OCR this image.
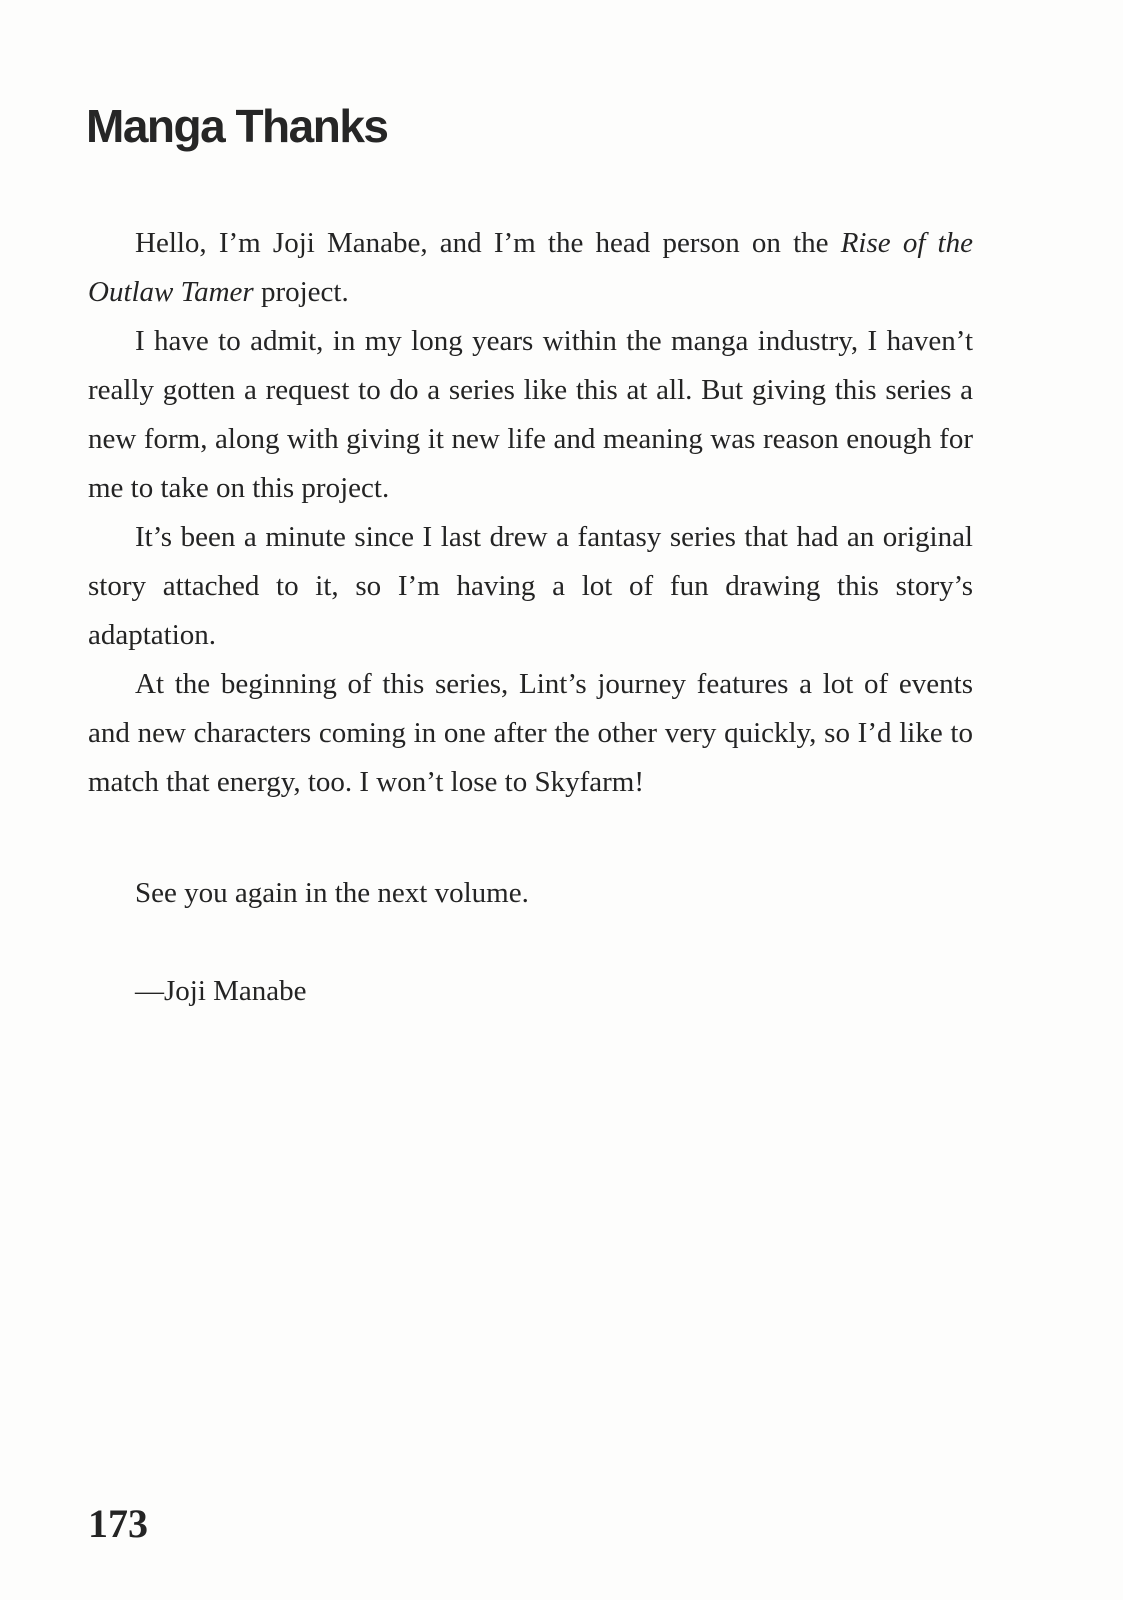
Manga Thanks

Hello, I’m Joji Manabe, and I’m the head person on the Rise of the Outlaw Tamer project.

I have to admit, in my long years within the manga industry, I haven’t really gotten a request to do a series like this at all. But giving this series a new form, along with giving it new life and meaning was reason enough for me to take on this project.

It’s been a minute since I last drew a fantasy series that had an original story attached to it, so I’m having a lot of fun drawing this story’s adaptation.

At the beginning of this series, Lint’s journey features a lot of events and new characters coming in one after the other very quickly, so I’d like to match that energy, too. I won’t lose to Skyfarm!

See you again in the next volume.

—Joji Manabe

173
